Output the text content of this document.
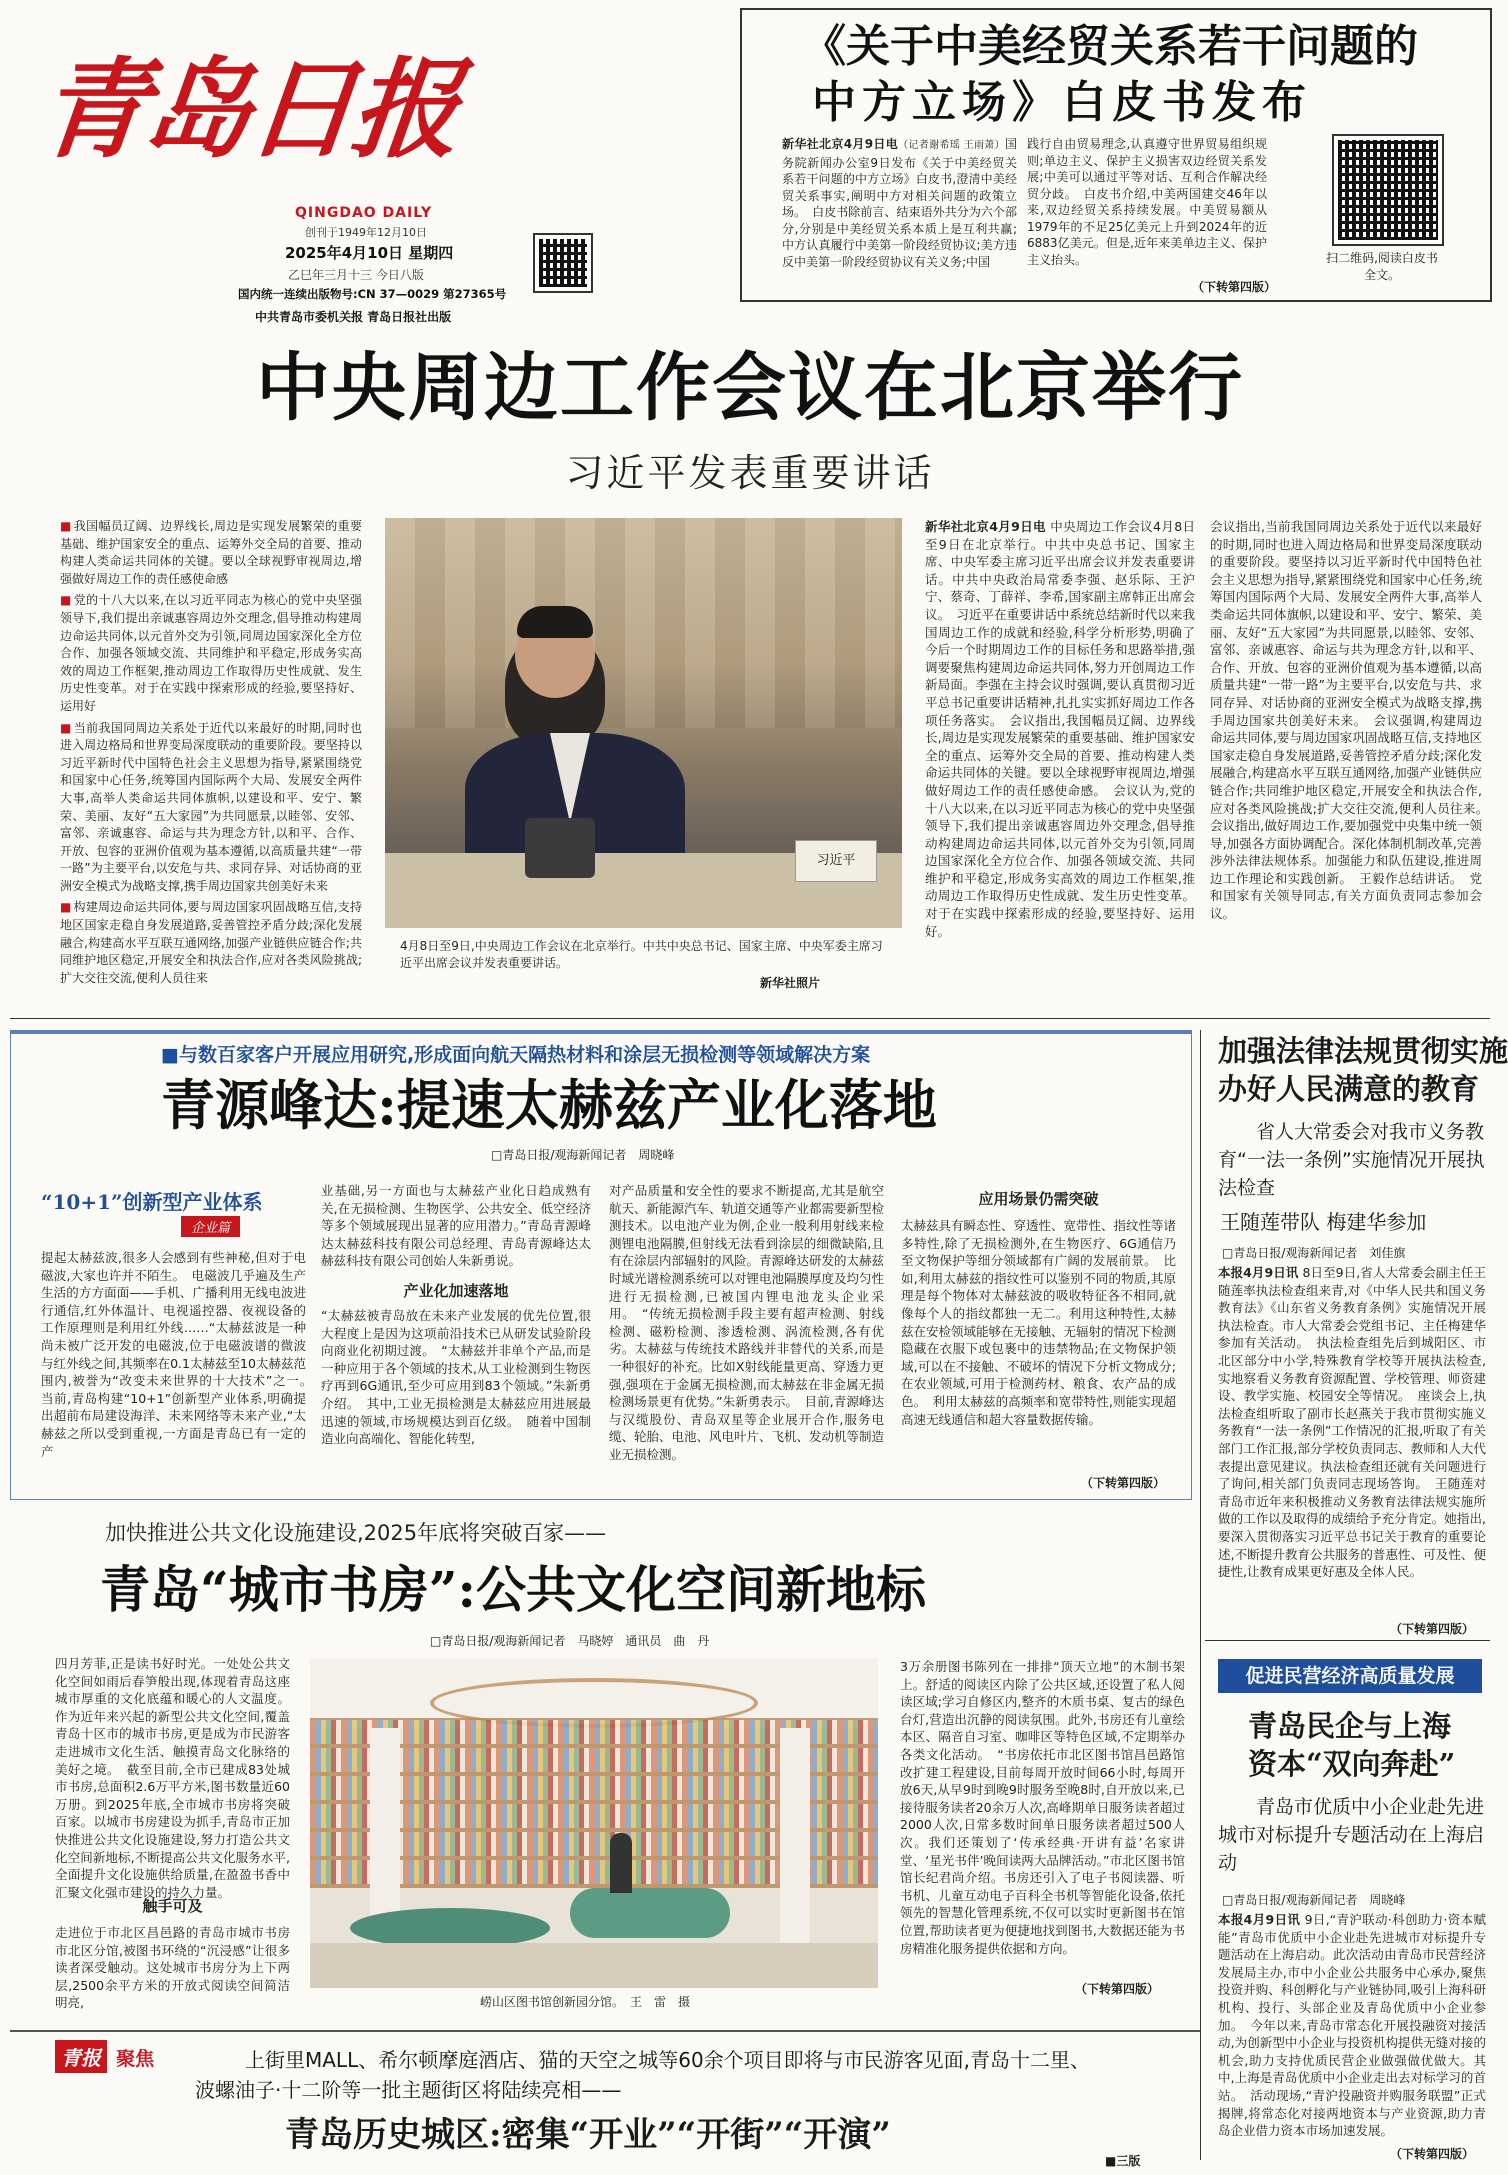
青岛日报
QINGDAO DAILY
创刊于1949年12月10日
2025年4月10日 星期四
乙巳年三月十三 今日八版
国内统一连续出版物号:CN 37—0029 第27365号
中共青岛市委机关报 青岛日报社出版
《关于中美经贸关系若干问题的
中方立场》白皮书发布
新华社北京4月9日电（记者谢希瑶 王雨萧）国务院新闻办公室9日发布《关于中美经贸关系若干问题的中方立场》白皮书,澄清中美经贸关系事实,阐明中方对相关问题的政策立场。　白皮书除前言、结束语外共分为六个部分,分别是中美经贸关系本质上是互利共赢;中方认真履行中美第一阶段经贸协议;美方违反中美第一阶段经贸协议有关义务;中国
践行自由贸易理念,认真遵守世界贸易组织规则;单边主义、保护主义损害双边经贸关系发展;中美可以通过平等对话、互利合作解决经贸分歧。　白皮书介绍,中美两国建交46年以来,双边经贸关系持续发展。中美贸易额从1979年的不足25亿美元上升到2024年的近6883亿美元。但是,近年来美单边主义、保护主义抬头。
（下转第四版）
扫二维码,阅读白皮书全文。
中央周边工作会议在北京举行
习近平发表重要讲话

■ 我国幅员辽阔、边界线长,周边是实现发展繁荣的重要基础、维护国家安全的重点、运筹外交全局的首要、推动构建人类命运共同体的关键。要以全球视野审视周边,增强做好周边工作的责任感使命感

■ 党的十八大以来,在以习近平同志为核心的党中央坚强领导下,我们提出亲诚惠容周边外交理念,倡导推动构建周边命运共同体,以元首外交为引领,同周边国家深化全方位合作、加强各领域交流、共同维护和平稳定,形成务实高效的周边工作框架,推动周边工作取得历史性成就、发生历史性变革。对于在实践中探索形成的经验,要坚持好、运用好

■ 当前我国同周边关系处于近代以来最好的时期,同时也进入周边格局和世界变局深度联动的重要阶段。要坚持以习近平新时代中国特色社会主义思想为指导,紧紧围绕党和国家中心任务,统筹国内国际两个大局、发展安全两件大事,高举人类命运共同体旗帜,以建设和平、安宁、繁荣、美丽、友好“五大家园”为共同愿景,以睦邻、安邻、富邻、亲诚惠容、命运与共为理念方针,以和平、合作、开放、包容的亚洲价值观为基本遵循,以高质量共建“一带一路”为主要平台,以安危与共、求同存异、对话协商的亚洲安全模式为战略支撑,携手周边国家共创美好未来

■ 构建周边命运共同体,要与周边国家巩固战略互信,支持地区国家走稳自身发展道路,妥善管控矛盾分歧;深化发展融合,构建高水平互联互通网络,加强产业链供应链合作;共同维护地区稳定,开展安全和执法合作,应对各类风险挑战;扩大交往交流,便利人员往来

习近平
4月8日至9日,中央周边工作会议在北京举行。中共中央总书记、国家主席、中央军委主席习近平出席会议并发表重要讲话。
新华社照片
新华社北京4月9日电 中央周边工作会议4月8日至9日在北京举行。中共中央总书记、国家主席、中央军委主席习近平出席会议并发表重要讲话。中共中央政治局常委李强、赵乐际、王沪宁、蔡奇、丁薛祥、李希,国家副主席韩正出席会议。　习近平在重要讲话中系统总结新时代以来我国周边工作的成就和经验,科学分析形势,明确了今后一个时期周边工作的目标任务和思路举措,强调要聚焦构建周边命运共同体,努力开创周边工作新局面。李强在主持会议时强调,要认真贯彻习近平总书记重要讲话精神,扎扎实实抓好周边工作各项任务落实。　会议指出,我国幅员辽阔、边界线长,周边是实现发展繁荣的重要基础、维护国家安全的重点、运筹外交全局的首要、推动构建人类命运共同体的关键。要以全球视野审视周边,增强做好周边工作的责任感使命感。　会议认为,党的十八大以来,在以习近平同志为核心的党中央坚强领导下,我们提出亲诚惠容周边外交理念,倡导推动构建周边命运共同体,以元首外交为引领,同周边国家深化全方位合作、加强各领域交流、共同维护和平稳定,形成务实高效的周边工作框架,推动周边工作取得历史性成就、发生历史性变革。对于在实践中探索形成的经验,要坚持好、运用好。
会议指出,当前我国同周边关系处于近代以来最好的时期,同时也进入周边格局和世界变局深度联动的重要阶段。要坚持以习近平新时代中国特色社会主义思想为指导,紧紧围绕党和国家中心任务,统筹国内国际两个大局、发展安全两件大事,高举人类命运共同体旗帜,以建设和平、安宁、繁荣、美丽、友好“五大家园”为共同愿景,以睦邻、安邻、富邻、亲诚惠容、命运与共为理念方针,以和平、合作、开放、包容的亚洲价值观为基本遵循,以高质量共建“一带一路”为主要平台,以安危与共、求同存异、对话协商的亚洲安全模式为战略支撑,携手周边国家共创美好未来。　会议强调,构建周边命运共同体,要与周边国家巩固战略互信,支持地区国家走稳自身发展道路,妥善管控矛盾分歧;深化发展融合,构建高水平互联互通网络,加强产业链供应链合作;共同维护地区稳定,开展安全和执法合作,应对各类风险挑战;扩大交往交流,便利人员往来。　会议指出,做好周边工作,要加强党中央集中统一领导,加强各方面协调配合。深化体制机制改革,完善涉外法律法规体系。加强能力和队伍建设,推进周边工作理论和实践创新。　王毅作总结讲话。　党和国家有关领导同志,有关方面负责同志参加会议。
■与数百家客户开展应用研究,形成面向航天隔热材料和涂层无损检测等领域解决方案
青源峰达:提速太赫兹产业化落地
□青岛日报/观海新闻记者　周晓峰
“10+1”创新型产业体系
企业篇
提起太赫兹波,很多人会感到有些神秘,但对于电磁波,大家也许并不陌生。　电磁波几乎遍及生产生活的方方面面——手机、广播利用无线电波进行通信,红外体温计、电视遥控器、夜视设备的工作原理则是利用红外线……“太赫兹波是一种尚未被广泛开发的电磁波,位于电磁波谱的微波与红外线之间,其频率在0.1太赫兹至10太赫兹范围内,被誉为“改变未来世界的十大技术”之一。　当前,青岛构建“10+1”创新型产业体系,明确提出超前布局建设海洋、未来网络等未来产业,“太赫兹之所以受到重视,一方面是青岛已有一定的产
业基础,另一方面也与太赫兹产业化日趋成熟有关,在无损检测、生物医学、公共安全、低空经济等多个领域展现出显著的应用潜力。”青岛青源峰达太赫兹科技有限公司总经理、青岛青源峰达太赫兹科技有限公司创始人朱新勇说。
产业化加速落地
“太赫兹被青岛放在未来产业发展的优先位置,很大程度上是因为这项前沿技术已从研发试验阶段向商业化初期过渡。　“太赫兹并非单个产品,而是一种应用于各个领域的技术,从工业检测到生物医疗再到6G通讯,至少可应用到83个领域。”朱新勇介绍。　其中,工业无损检测是太赫兹应用进展最迅速的领域,市场规模达到百亿级。　随着中国制造业向高端化、智能化转型,
对产品质量和安全性的要求不断提高,尤其是航空航天、新能源汽车、轨道交通等产业都需要新型检测技术。以电池产业为例,企业一般利用射线来检测锂电池隔膜,但射线无法看到涂层的细微缺陷,且有在涂层内部辐射的风险。青源峰达研发的太赫兹时域光谱检测系统可以对锂电池隔膜厚度及均匀性进行无损检测,已被国内锂电池龙头企业采用。　“传统无损检测手段主要有超声检测、射线检测、磁粉检测、渗透检测、涡流检测,各有优劣。太赫兹与传统技术路线并非替代的关系,而是一种很好的补充。比如X射线能量更高、穿透力更强,强项在于金属无损检测,而太赫兹在非金属无损检测场景更有优势。”朱新勇表示。　目前,青源峰达与汉缆股份、青岛双星等企业展开合作,服务电缆、轮胎、电池、风电叶片、飞机、发动机等制造业无损检测。
应用场景仍需突破
太赫兹具有瞬态性、穿透性、宽带性、指纹性等诸多特性,除了无损检测外,在生物医疗、6G通信乃至文物保护等细分领域都有广阔的发展前景。　比如,利用太赫兹的指纹性可以鉴别不同的物质,其原理是每个物体对太赫兹波的吸收特征各不相同,就像每个人的指纹都独一无二。利用这种特性,太赫兹在安检领域能够在无接触、无辐射的情况下检测隐藏在衣服下或包裹中的违禁物品;在文物保护领域,可以在不接触、不破坏的情况下分析文物成分;在农业领域,可用于检测药材、粮食、农产品的成色。　利用太赫兹的高频率和宽带特性,则能实现超高速无线通信和超大容量数据传输。
（下转第四版）
加强法律法规贯彻实施
办好人民满意的教育
省人大常委会对我市义务教育“一法一条例”实施情况开展执法检查
王随莲带队 梅建华参加
□青岛日报/观海新闻记者　刘佳旗
本报4月9日讯 8日至9日,省人大常委会副主任王随莲率执法检查组来青,对《中华人民共和国义务教育法》《山东省义务教育条例》实施情况开展执法检查。市人大常委会党组书记、主任梅建华参加有关活动。　执法检查组先后到城阳区、市北区部分中小学,特殊教育学校等开展执法检查,实地察看义务教育资源配置、学校管理、师资建设、教学实施、校园安全等情况。　座谈会上,执法检查组听取了副市长赵燕关于我市贯彻实施义务教育“一法一条例”工作情况的汇报,听取了有关部门工作汇报,部分学校负责同志、教师和人大代表提出意见建议。执法检查组还就有关问题进行了询问,相关部门负责同志现场答询。　王随莲对青岛市近年来积极推动义务教育法律法规实施所做的工作以及取得的成绩给予充分肯定。她指出,要深入贯彻落实习近平总书记关于教育的重要论述,不断提升教育公共服务的普惠性、可及性、便捷性,让教育成果更好惠及全体人民。
（下转第四版）
加快推进公共文化设施建设,2025年底将突破百家——
青岛“城市书房”:公共文化空间新地标
□青岛日报/观海新闻记者　马晓婷　通讯员　曲　丹
四月芳菲,正是读书好时光。一处处公共文化空间如雨后春笋般出现,体现着青岛这座城市厚重的文化底蕴和暖心的人文温度。作为近年来兴起的新型公共文化空间,覆盖青岛十区市的城市书房,更是成为市民游客走进城市文化生活、触摸青岛文化脉络的美好之境。　截至目前,全市已建成83处城市书房,总面积2.6万平方米,图书数量近60万册。到2025年底,全市城市书房将突破百家。以城市书房建设为抓手,青岛市正加快推进公共文化设施建设,努力打造公共文化空间新地标,不断提高公共文化服务水平,全面提升文化设施供给质量,在盈盈书香中汇聚文化强市建设的持久力量。
触手可及
走进位于市北区昌邑路的青岛市城市书房市北区分馆,被图书环绕的“沉浸感”让很多读者深受触动。这处城市书房分为上下两层,2500余平方米的开放式阅读空间简洁明亮,	崂山区图书馆创新园分馆。　王　雷　摄
3万余册图书陈列在一排排“顶天立地”的木制书架上。舒适的阅读区内除了公共区域,还设置了私人阅读区域;学习自修区内,整齐的木质书桌、复古的绿色台灯,营造出沉静的阅读氛围。此外,书房还有儿童绘本区、隔音自习室、咖啡区等特色区域,不定期举办各类文化活动。　“书房依托市北区图书馆昌邑路馆改扩建工程建设,目前每周开放时间66小时,每周开放6天,从早9时到晚9时服务至晚8时,自开放以来,已接待服务读者20余万人次,高峰期单日服务读者超过2000人次,日常多数时间单日服务读者超过500人次。我们还策划了‘传承经典·开讲有益’名家讲堂、‘星光书伴’晚间读两大品牌活动。”市北区图书馆馆长纪君尚介绍。书房还引入了电子书阅读器、听书机、儿童互动电子百科全书机等智能化设备,依托领先的智慧化管理系统,不仅可以实时更新图书在馆位置,帮助读者更为便捷地找到图书,大数据还能为书房精准化服务提供依据和方向。
（下转第四版）
促进民营经济高质量发展
青岛民企与上海
资本“双向奔赴”
青岛市优质中小企业赴先进城市对标提升专题活动在上海启动
□青岛日报/观海新闻记者　周晓峰
本报4月9日讯 9日,“青沪联动·科创助力·资本赋能”青岛市优质中小企业赴先进城市对标提升专题活动在上海启动。此次活动由青岛市民营经济发展局主办,市中小企业公共服务中心承办,聚焦投资并购、科创孵化与产业链协同,吸引上海科研机构、投行、头部企业及青岛优质中小企业参加。　今年以来,青岛市常态化开展投融资对接活动,为创新型中小企业与投资机构提供无缝对接的机会,助力支持优质民营企业做强做优做大。其中,上海是青岛优质中小企业走出去对标学习的首站。　活动现场,“青沪投融资并购服务联盟”正式揭牌,将常态化对接两地资本与产业资源,助力青岛企业借力资本市场加速发展。
（下转第四版）
青报 聚焦	上街里MALL、希尔顿摩庭酒店、猫的天空之城等60余个项目即将与市民游客见面,青岛十二里、
波螺油子·十二阶等一批主题街区将陆续亮相——
青岛历史城区:密集“开业”“开街”“开演”
■三版
